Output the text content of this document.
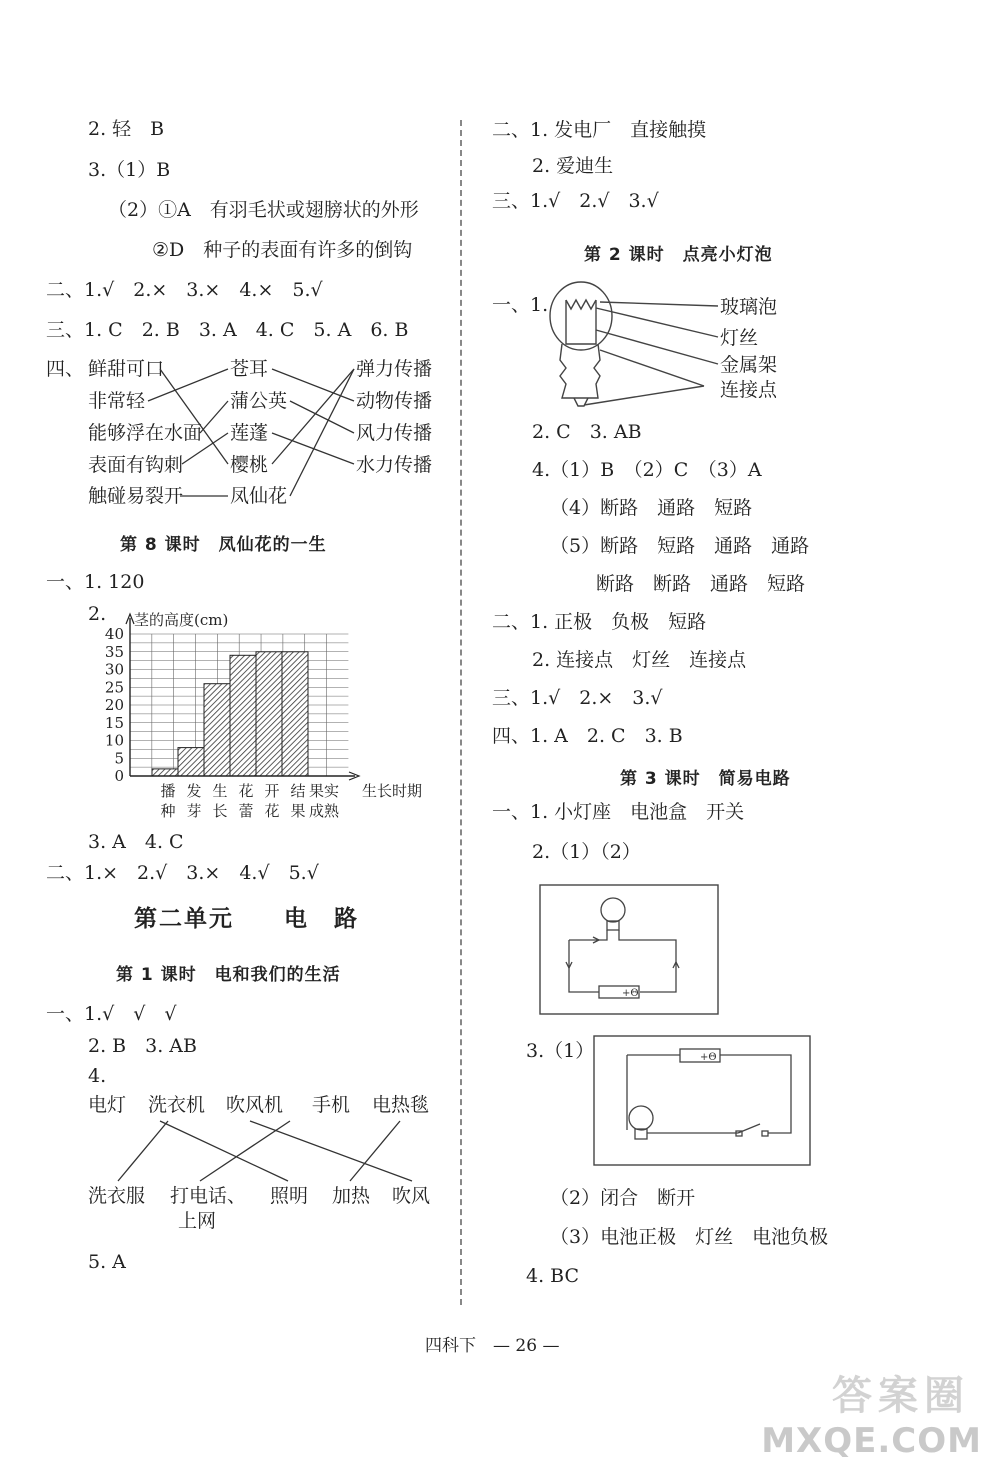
2. 轻　B
3.（1）B
（2）①A　有羽毛状或翅膀状的外形
②D　种子的表面有许多的倒钩
二、1.√　2.×　3.×　4.×　5.√
三、1. C　2. B　3. A　4. C　5. A　6. B
四、 鲜甜可口
非常轻
能够浮在水面
表面有钩刺
触碰易裂开
苍耳
蒲公英
莲蓬
樱桃
凤仙花
弹力传播
动物传播
风力传播
水力传播
第 8 课时　凤仙花的一生
一、1. 120
2.
0
5
10
15
20
25
30
35
40
播
种
发
芽
生
长
花
蕾
开
花
结
果
果实
成熟
茎的高度(cm)
生长时期
3. A　4. C
二、1.×　2.√　3.×　4.√　5.√
第二单元　　电　路
第 1 课时　电和我们的生活
一、1.√　√　√
2. B　3. AB
4.
电灯 洗衣机 吹风机 手机 电热毯
洗衣服 打电话、
上网
照明 加热 吹风
5. A
二、1. 发电厂　直接触摸
2. 爱迪生
三、1.√　2.√　3.√
第 2 课时　点亮小灯泡
一、1.	玻璃泡
灯丝
金属架
连接点
2. C　3. AB
4.（1）B　（2）C　（3）A
（4）断路　通路　短路
（5）断路　短路　通路　通路
断路　断路　通路　短路
二、1. 正极　负极　短路
2. 连接点　灯丝　连接点
三、1.√　2.×　3.√
四、1. A　2. C　3. B
第 3 课时　简易电路
一、1. 小灯座　电池盒　开关
2.（1）（2）
+Θ
3.（1）	+Θ
（2）闭合　断开
（3）电池正极　灯丝　电池负极
4. BC
四科下　— 26 —
答案圈
MXQE.COM
